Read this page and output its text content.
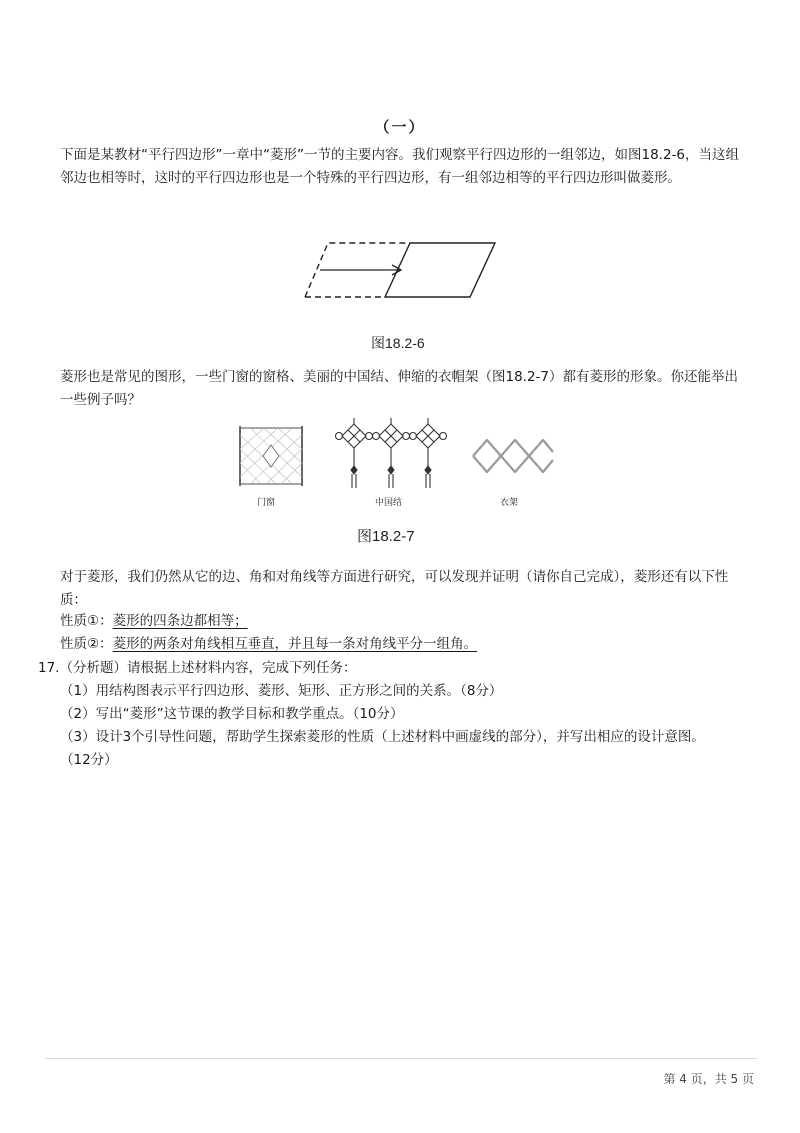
（一）
下面是某教材“平行四边形”一章中“菱形”一节的主要内容。我们观察平行四边形的一组邻边，如图18.2-6，当这组邻边也相等时，这时的平行四边形也是一个特殊的平行四边形，有一组邻边相等的平行四边形叫做菱形。
图18.2-6
菱形也是常见的图形，一些门窗的窗格、美丽的中国结、伸缩的衣帽架（图18.2-7）都有菱形的形象。你还能举出一些例子吗？
门窗	中国结	衣架
图18.2-7
对于菱形，我们仍然从它的边、角和对角线等方面进行研究，可以发现并证明（请你自己完成），菱形还有以下性质：
性质①：菱形的四条边都相等；
性质②：菱形的两条对角线相互垂直，并且每一条对角线平分一组角。
17.（分析题）请根据上述材料内容，完成下列任务：
（1）用结构图表示平行四边形、菱形、矩形、正方形之间的关系。（8分）
（2）写出“菱形”这节课的教学目标和教学重点。（10分）
（3）设计3个引导性问题，帮助学生探索菱形的性质（上述材料中画虚线的部分），并写出相应的设计意图。
（12分）
第 4 页，共 5 页
